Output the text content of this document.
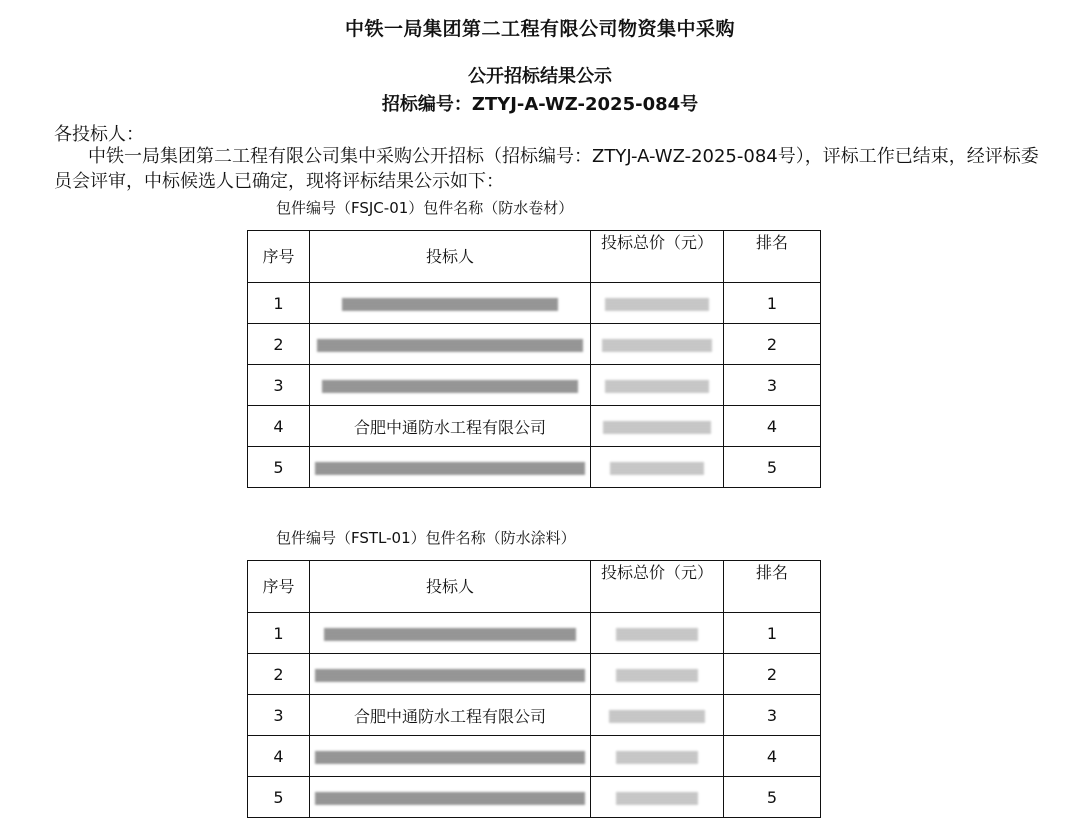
中铁一局集团第二工程有限公司物资集中采购
公开招标结果公示
招标编号：ZTYJ-A-WZ-2025-084号
各投标人：
中铁一局集团第二工程有限公司集中采购公开招标（招标编号：ZTYJ-A-WZ-2025-084号），评标工作已结束，经评标委员会评审，中标候选人已确定，现将评标结果公示如下：
包件编号（FSJC-01）包件名称（防水卷材）
序号	投标人	投标总价（元）	排名
1			1
2			2
3			3
4	合肥中通防水工程有限公司		4
5			5
包件编号（FSTL-01）包件名称（防水涂料）
序号	投标人	投标总价（元）	排名
1			1
2			2
3	合肥中通防水工程有限公司		3
4			4
5			5
